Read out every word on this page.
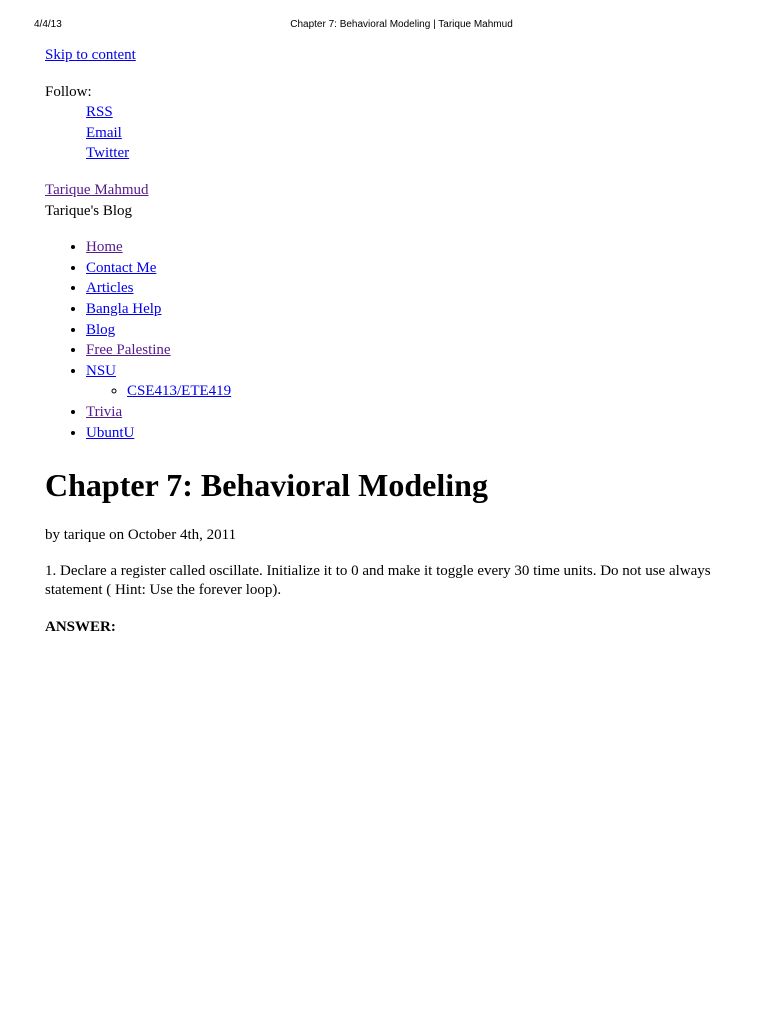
4/4/13	Chapter 7: Behavioral Modeling | Tarique Mahmud
Skip to content
Follow:
RSS
Email
Twitter
Tarique Mahmud
Tarique's Blog
• Home
• Contact Me
• Articles
• Bangla Help
• Blog
• Free Palestine
• NSU
◦ CSE413/ETE419
• Trivia
• UbuntU
Chapter 7: Behavioral Modeling
by tarique on October 4th, 2011

1. Declare a register called oscillate. Initialize it to 0 and make it toggle every 30 time units. Do not use always statement ( Hint: Use the forever loop).

ANSWER:
